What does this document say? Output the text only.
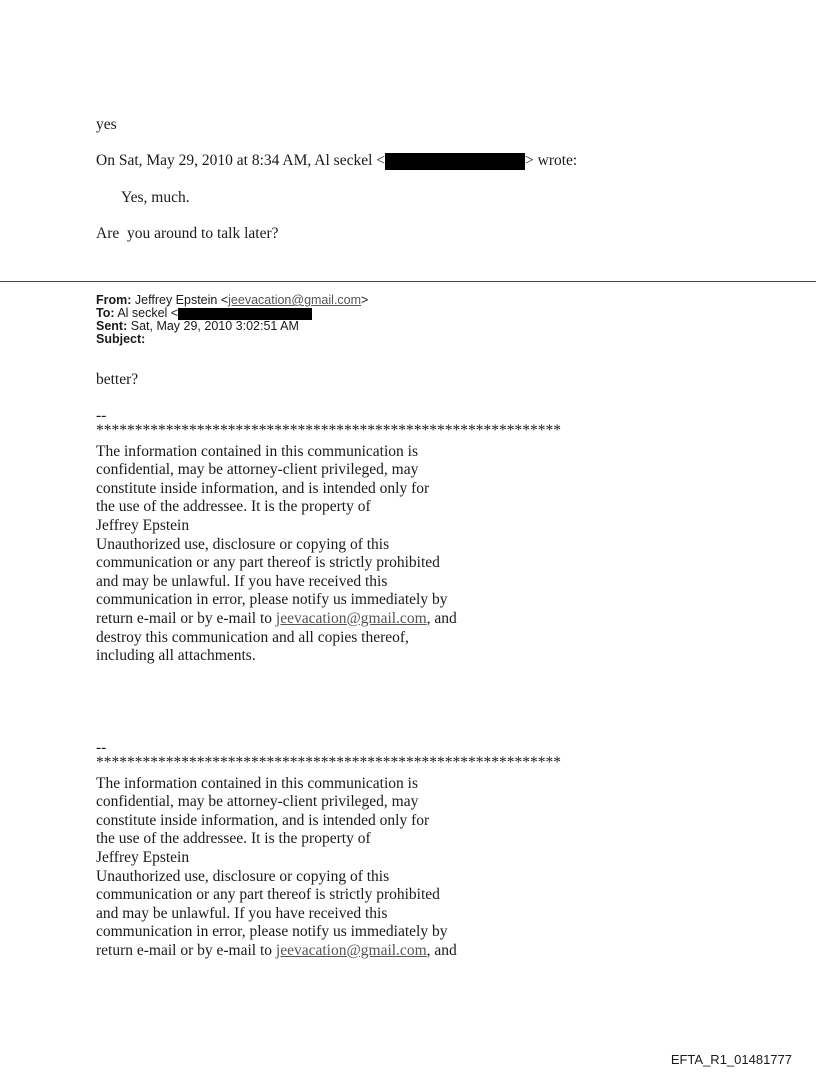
yes
On Sat, May 29, 2010 at 8:34 AM, Al seckel <	> wrote:
Yes, much.
Are  you around to talk later?
From: Jeffrey Epstein <jeevacation@gmail.com>
To: Al seckel <
Sent: Sat, May 29, 2010 3:02:51 AM
Subject:
better?
--
************************************************************
The information contained in this communication is
confidential, may be attorney-client privileged, may
constitute inside information, and is intended only for
the use of the addressee. It is the property of
Jeffrey Epstein
Unauthorized use, disclosure or copying of this
communication or any part thereof is strictly prohibited
and may be unlawful. If you have received this
communication in error, please notify us immediately by
return e-mail or by e-mail to jeevacation@gmail.com, and
destroy this communication and all copies thereof,
including all attachments.
--
************************************************************
The information contained in this communication is
confidential, may be attorney-client privileged, may
constitute inside information, and is intended only for
the use of the addressee. It is the property of
Jeffrey Epstein
Unauthorized use, disclosure or copying of this
communication or any part thereof is strictly prohibited
and may be unlawful. If you have received this
communication in error, please notify us immediately by
return e-mail or by e-mail to jeevacation@gmail.com, and
EFTA_R1_01481777
